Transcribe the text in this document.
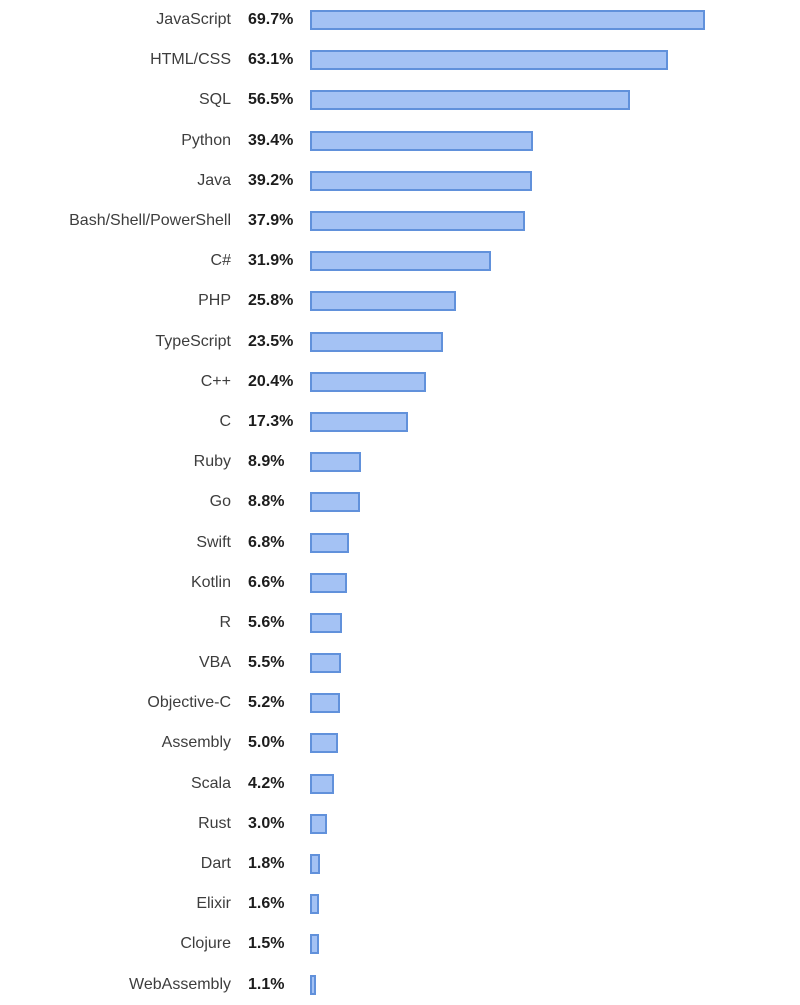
JavaScript 69.7%
HTML/CSS 63.1%
SQL 56.5%
Python 39.4%
Java 39.2%
Bash/Shell/PowerShell 37.9%
C# 31.9%
PHP 25.8%
TypeScript 23.5%
C++ 20.4%
C 17.3%
Ruby 8.9%
Go 8.8%
Swift 6.8%
Kotlin 6.6%
R 5.6%
VBA 5.5%
Objective-C 5.2%
Assembly 5.0%
Scala 4.2%
Rust 3.0%
Dart 1.8%
Elixir 1.6%
Clojure 1.5%
WebAssembly 1.1%
